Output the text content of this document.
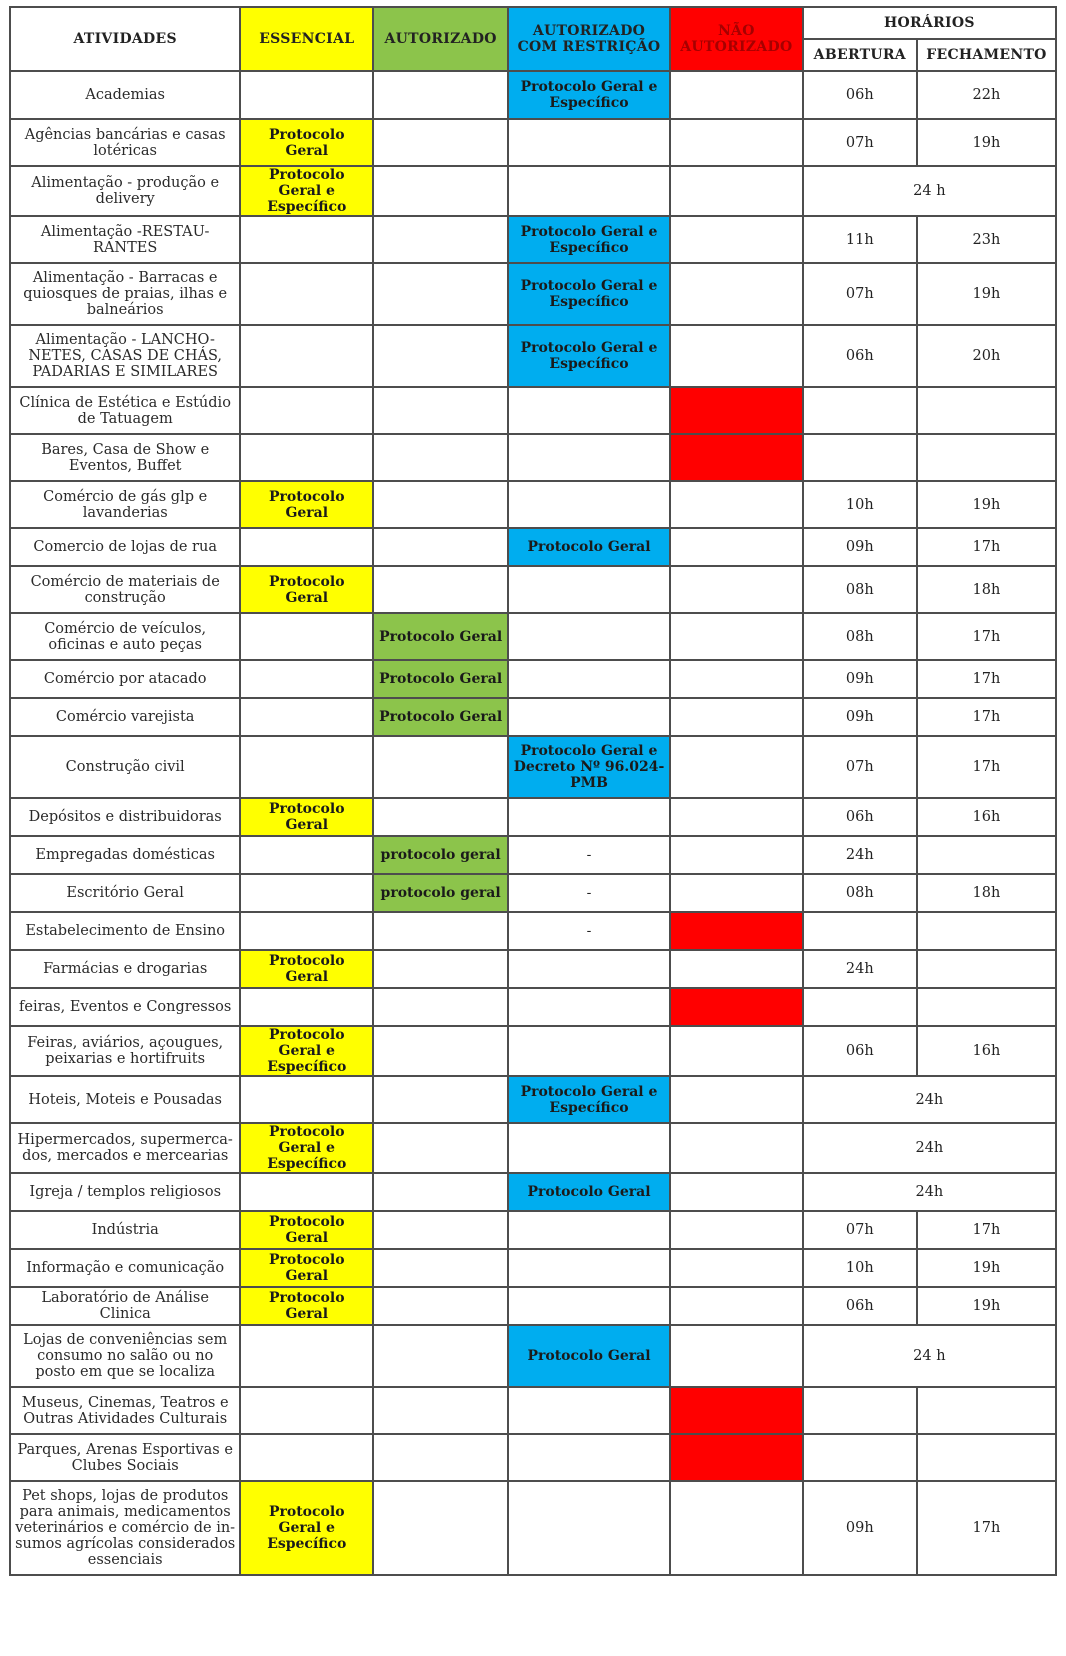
ATIVIDADES	ESSENCIAL	AUTORIZADO	AUTORIZADO COM RESTRIÇÃO	NÃO AUTORIZADO	HORÁRIOS	
					ABERTURA	FECHAMENTO
Academias			Protocolo Geral e Específico		06h	22h
Agências bancárias e casas lotéricas	Protocolo Geral				07h	19h
Alimentação - produção e delivery	Protocolo Geral e Específico				24 h	
Alimentação -RESTAU-RANTES			Protocolo Geral e Específico		11h	23h
Alimentação - Barracas e quiosques de praias, ilhas e balneários			Protocolo Geral e Específico		07h	19h
Alimentação - LANCHO-NETES, CASAS DE CHÁS, PADARIAS E SIMILARES			Protocolo Geral e Específico		06h	20h
Clínica de Estética e Estúdio de Tatuagem						
Bares, Casa de Show e Eventos, Buffet						
Comércio de gás glp e lavanderias	Protocolo Geral				10h	19h
Comercio de lojas de rua			Protocolo Geral		09h	17h
Comércio de materiais de construção	Protocolo Geral				08h	18h
Comércio de veículos, oficinas e auto peças		Protocolo Geral			08h	17h
Comércio por atacado		Protocolo Geral			09h	17h
Comércio varejista		Protocolo Geral			09h	17h
Construção civil			Protocolo Geral e Decreto Nº 96.024-PMB		07h	17h
Depósitos e distribuidoras	Protocolo Geral				06h	16h
Empregadas domésticas		protocolo geral	-		24h	
Escritório Geral		protocolo geral	-		08h	18h
Estabelecimento de Ensino			-			
Farmácias e drogarias	Protocolo Geral				24h	
feiras, Eventos e Congressos						
Feiras, aviários, açougues, peixarias e hortifruits	Protocolo Geral e Específico				06h	16h
Hoteis, Moteis e Pousadas			Protocolo Geral e Específico		24h	
Hipermercados, supermerca-dos, mercados e mercearias	Protocolo Geral e Específico				24h	
Igreja / templos religiosos			Protocolo Geral		24h	
Indústria	Protocolo Geral				07h	17h
Informação e comunicação	Protocolo Geral				10h	19h
Laboratório de Análise Clinica	Protocolo Geral				06h	19h
Lojas de conveniências sem consumo no salão ou no posto em que se localiza			Protocolo Geral		24 h	
Museus, Cinemas, Teatros e Outras Atividades Culturais						
Parques, Arenas Esportivas e Clubes Sociais						
Pet shops, lojas de produtos para animais, medicamentos veterinários e comércio de in-sumos agrícolas considerados essenciais	Protocolo Geral e Específico				09h	17h
